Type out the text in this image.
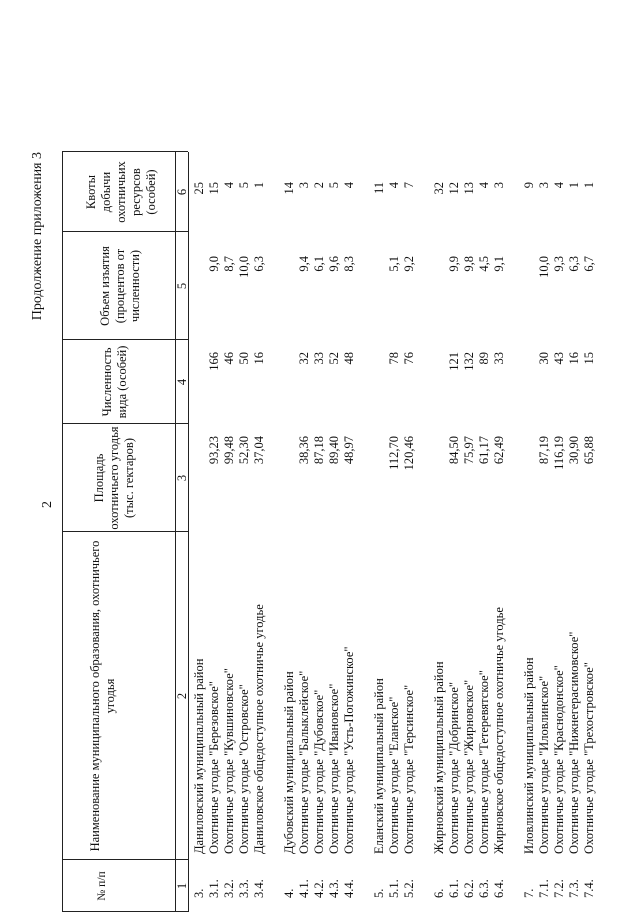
2
Продолжение приложения 3
№ п/п
Наименование муниципального образования, охотничьего угодья
Площадь охотничьего угодья (тыс. гектаров)
Численность вида (особей)
Объем изъятия (процентов от численности)
Квоты добычи охотничьих ресурсов (особей)
1
2
3
4
5
6
3.
Даниловский муниципальный район
25
3.1.
Охотничье угодье "Березовское"
93,23
166
9,0
15
3.2.
Охотничье угодье "Кувшиновское"
99,48
46
8,7
4
3.3.
Охотничье угодье "Островское"
52,30
50
10,0
5
3.4.
Даниловское общедоступное охотничье угодье
37,04
16
6,3
1
4.
Дубовский муниципальный район
14
4.1.
Охотничье угодье "Балыклейское"
38,36
32
9,4
3
4.2.
Охотничье угодье "Дубовское"
87,18
33
6,1
2
4.3.
Охотничье угодье "Ивановское"
89,40
52
9,6
5
4.4.
Охотничье угодье "Усть-Погожинское"
48,97
48
8,3
4
5.
Еланский муниципальный район
11
5.1.
Охотничье угодье "Еланское"
112,70
78
5,1
4
5.2.
Охотничье угодье "Терсинское"
120,46
76
9,2
7
6.
Жирновский муниципальный район
32
6.1.
Охотничье угодье "Добринское"
84,50
121
9,9
12
6.2.
Охотничье угодье "Жирновское"
75,97
132
9,8
13
6.3.
Охотничье угодье "Тетеревятское"
61,17
89
4,5
4
6.4.
Жирновское общедоступное охотничье угодье
62,49
33
9,1
3
7.
Иловлинский муниципальный район
9
7.1.
Охотничье угодье "Иловлинское"
87,19
30
10,0
3
7.2.
Охотничье угодье "Краснодонское"
116,19
43
9,3
4
7.3.
Охотничье угодье "Нижнегерасимовское"
30,90
16
6,3
1
7.4.
Охотничье угодье "Трехостровское"
65,88
15
6,7
1
